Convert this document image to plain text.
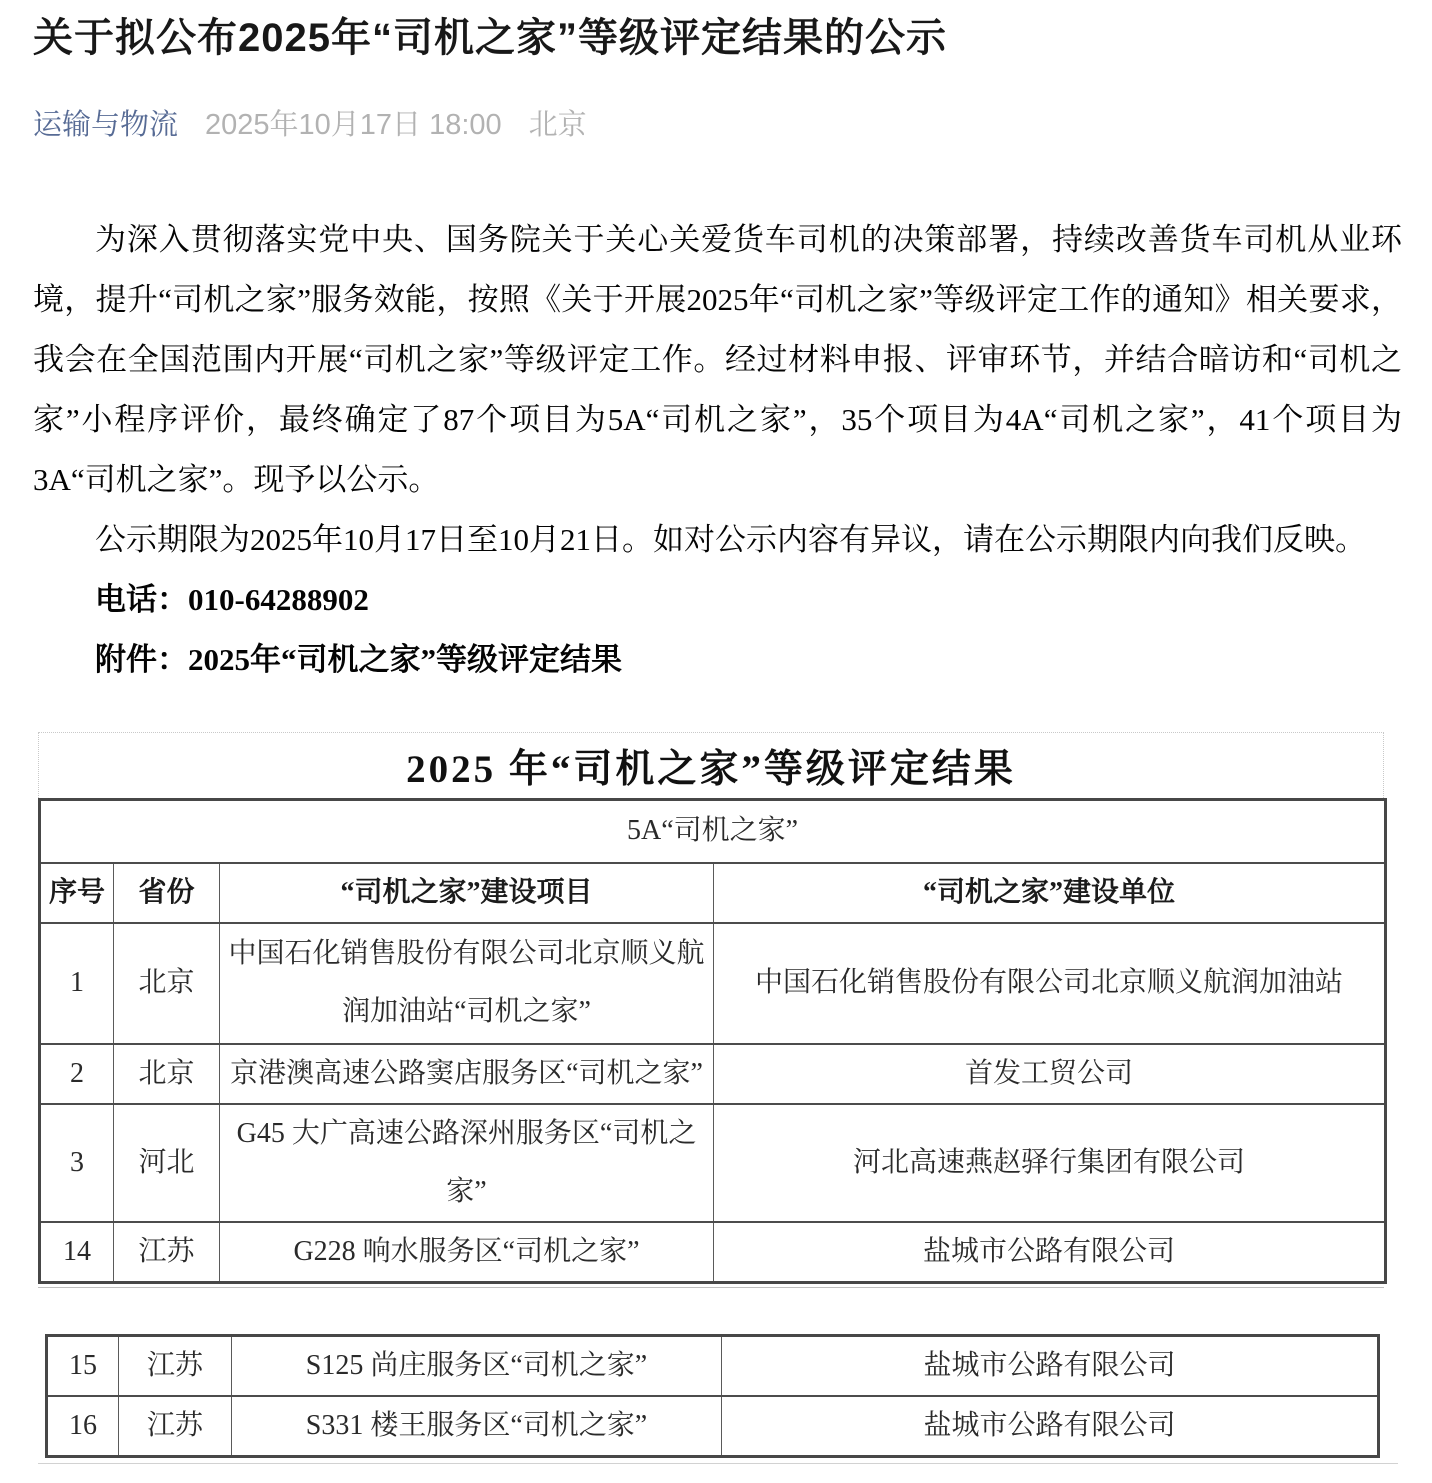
关于拟公布2025年“司机之家”等级评定结果的公示
运输与物流 2025年10月17日 18:00 北京

为深入贯彻落实党中央、国务院关于关心关爱货车司机的决策部署，持续改善货车司机从业环境，提升“司机之家”服务效能，按照《关于开展2025年“司机之家”等级评定工作的通知》相关要求，我会在全国范围内开展“司机之家”等级评定工作。经过材料申报、评审环节，并结合暗访和“司机之家”小程序评价，最终确定了87个项目为5A“司机之家”，35个项目为4A“司机之家”，41个项目为3A“司机之家”。现予以公示。

公示期限为2025年10月17日至10月21日。如对公示内容有异议，请在公示期限内向我们反映。

电话：010-64288902

附件：2025年“司机之家”等级评定结果

2025 年“司机之家”等级评定结果
5A“司机之家”			
序号	省份	“司机之家”建设项目	“司机之家”建设单位
1	北京	中国石化销售股份有限公司北京顺义航润加油站“司机之家”	中国石化销售股份有限公司北京顺义航润加油站
2	北京	京港澳高速公路窦店服务区“司机之家”	首发工贸公司
3	河北	G45 大广高速公路深州服务区“司机之家”	河北高速燕赵驿行集团有限公司
14	江苏	G228 响水服务区“司机之家”	盐城市公路有限公司
15	江苏	S125 尚庄服务区“司机之家”	盐城市公路有限公司
16	江苏	S331 楼王服务区“司机之家”	盐城市公路有限公司
